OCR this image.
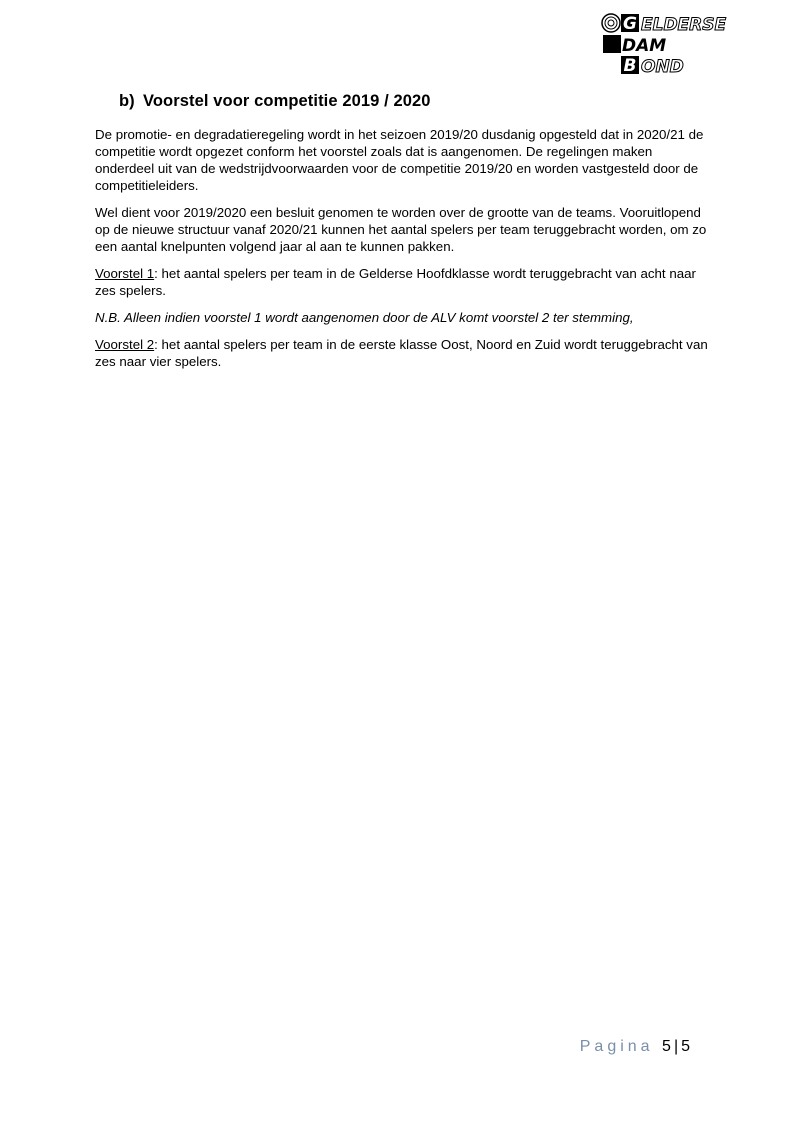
G ELDERSE
DAM
B OND
b) Voorstel voor competitie 2019 / 2020

De promotie- en degradatieregeling wordt in het seizoen 2019/20 dusdanig opgesteld dat in 2020/21 de competitie wordt opgezet conform het voorstel zoals dat is aangenomen. De regelingen maken onderdeel uit van de wedstrijdvoorwaarden voor de competitie 2019/20 en worden vastgesteld door de competitieleiders.

Wel dient voor 2019/2020 een besluit genomen te worden over de grootte van de teams. Vooruitlopend op de nieuwe structuur vanaf 2020/21 kunnen het aantal spelers per team teruggebracht worden, om zo een aantal knelpunten volgend jaar al aan te kunnen pakken.

Voorstel 1: het aantal spelers per team in de Gelderse Hoofdklasse wordt teruggebracht van acht naar zes spelers.

N.B. Alleen indien voorstel 1 wordt aangenomen door de ALV komt voorstel 2 ter stemming,

Voorstel 2: het aantal spelers per team in de eerste klasse Oost, Noord en Zuid wordt teruggebracht van zes naar vier spelers.

Pagina 5 | 5
